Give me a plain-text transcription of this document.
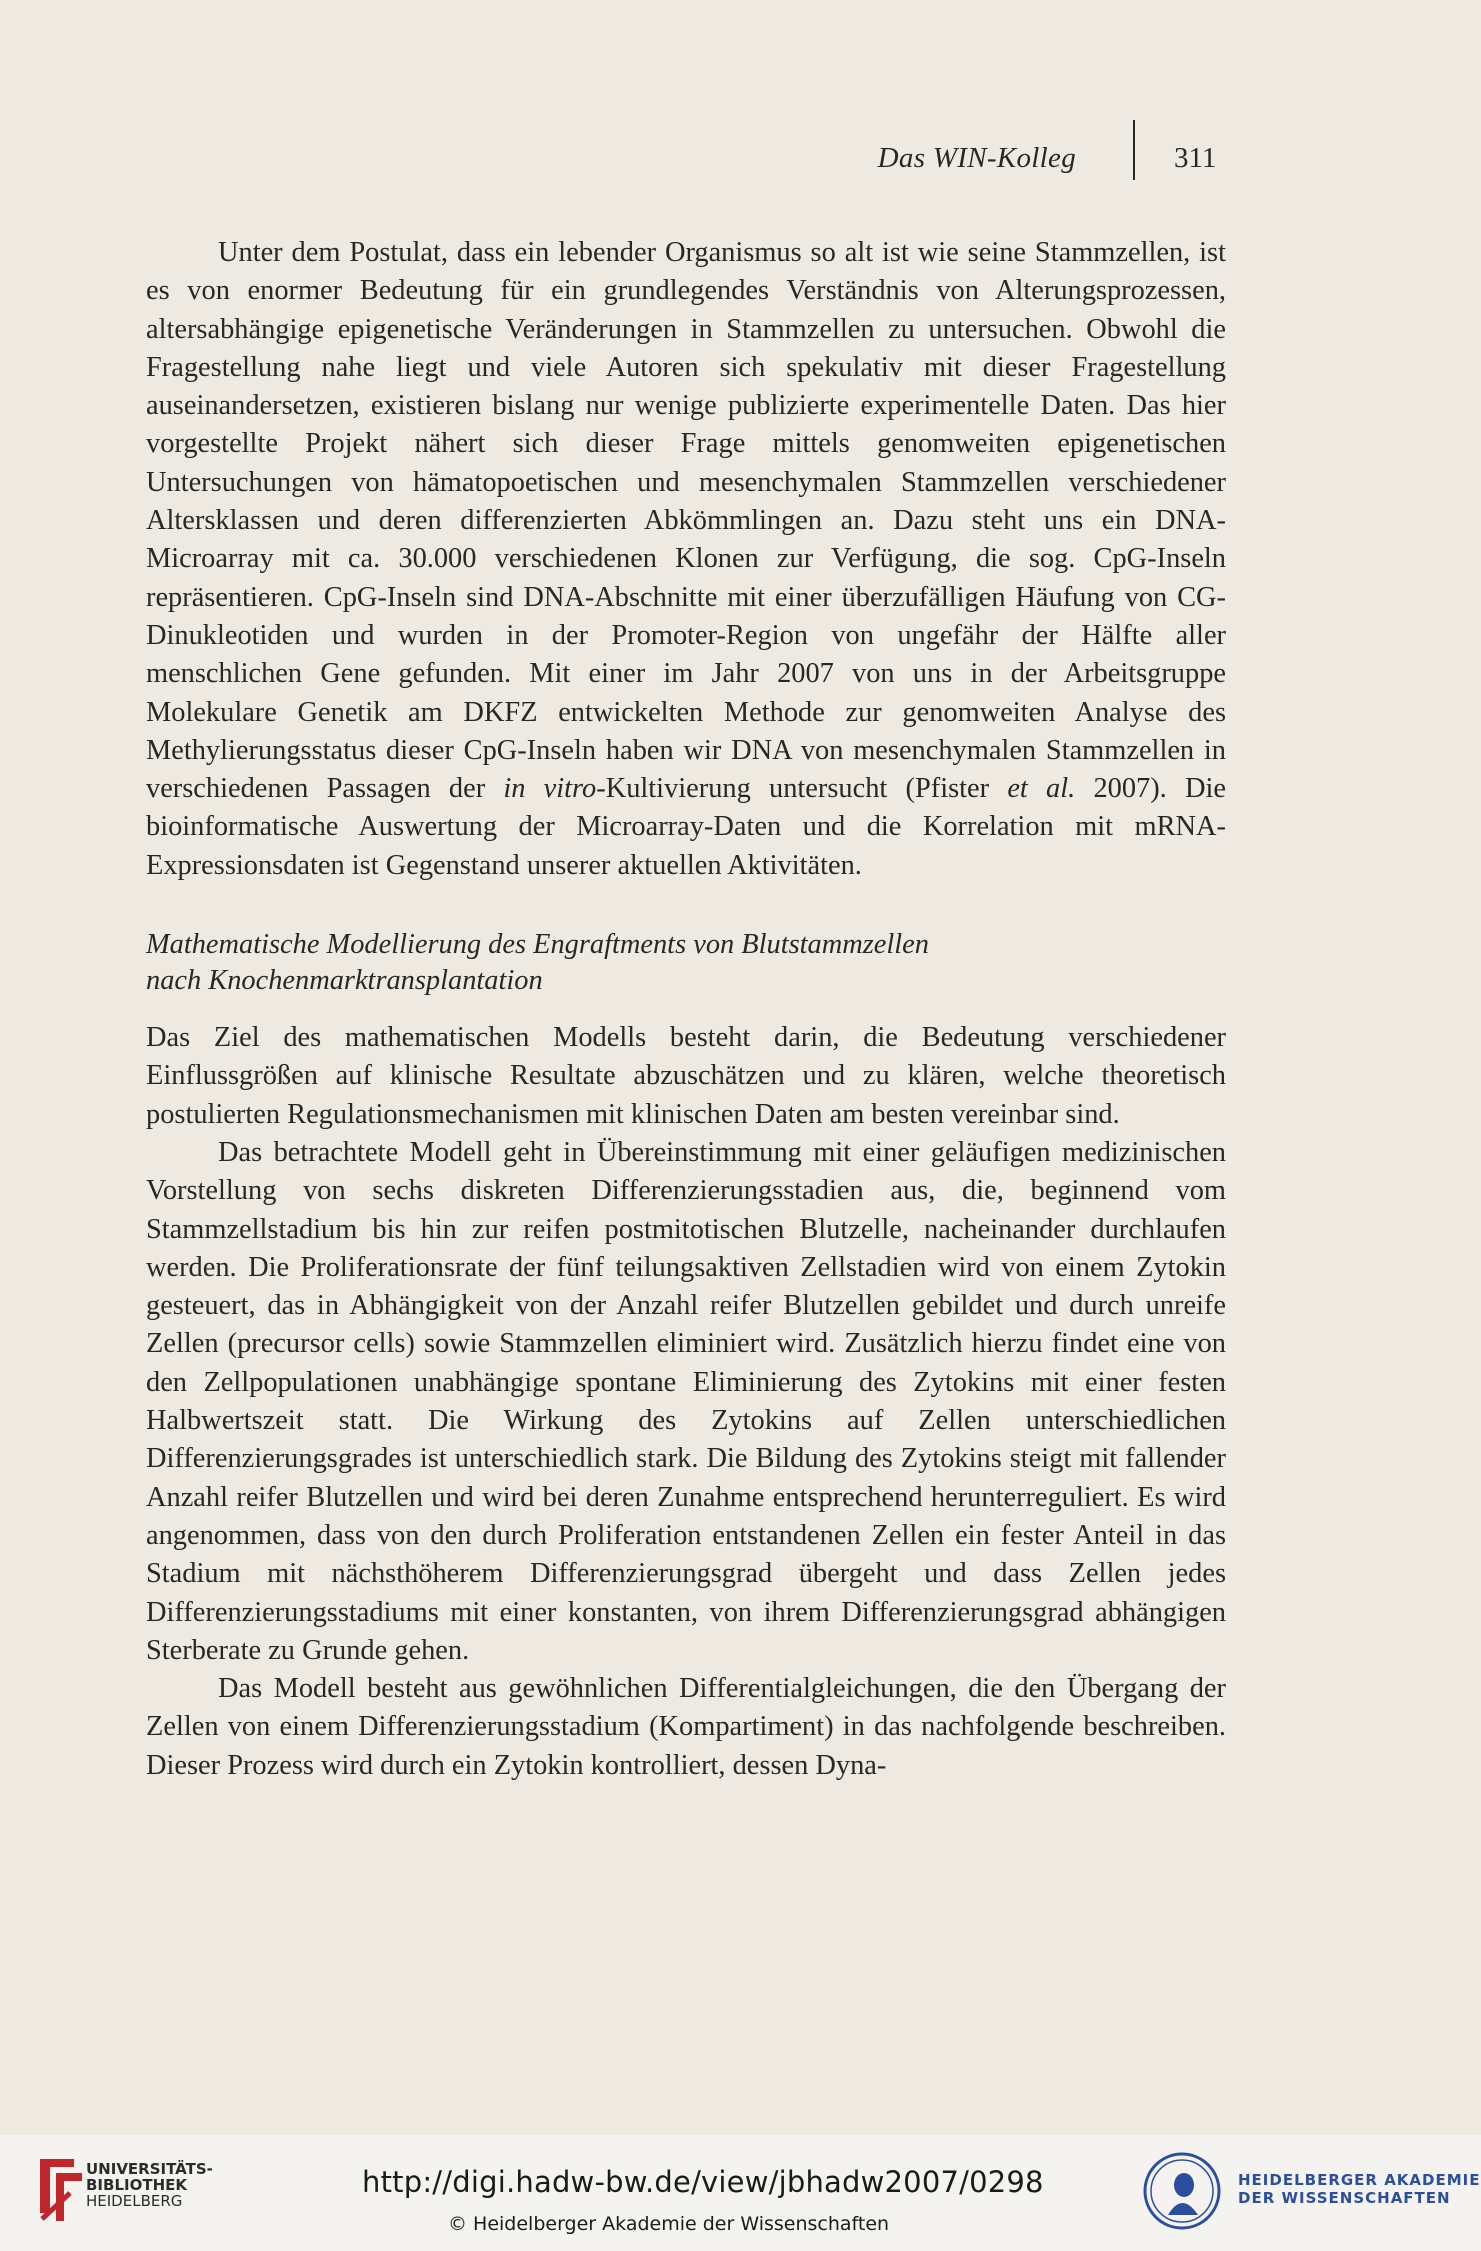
Das WIN-Kolleg	311

Unter dem Postulat, dass ein lebender Organismus so alt ist wie seine Stammzellen, ist es von enormer Bedeutung für ein grundlegendes Verständnis von Alterungsprozessen, altersabhängige epigenetische Veränderungen in Stammzellen zu untersuchen. Obwohl die Fragestellung nahe liegt und viele Autoren sich spekulativ mit dieser Fragestellung auseinandersetzen, existieren bislang nur wenige publizierte experimentelle Daten. Das hier vorgestellte Projekt nähert sich dieser Frage mittels genomweiten epigenetischen Untersuchungen von hämatopoetischen und mesenchymalen Stammzellen verschiedener Altersklassen und deren differenzierten Abkömmlingen an. Dazu steht uns ein DNA-Microarray mit ca. 30.000 verschiedenen Klonen zur Verfügung, die sog. CpG-Inseln repräsentieren. CpG-Inseln sind DNA-Abschnitte mit einer überzufälligen Häufung von CG-Dinukleotiden und wurden in der Promoter-Region von ungefähr der Hälfte aller menschlichen Gene gefunden. Mit einer im Jahr 2007 von uns in der Arbeitsgruppe Molekulare Genetik am DKFZ entwickelten Methode zur genomweiten Analyse des Methylierungsstatus dieser CpG-Inseln haben wir DNA von mesenchymalen Stammzellen in verschiedenen Passagen der in vitro-Kultivierung untersucht (Pfister et al. 2007). Die bioinformatische Auswertung der Microarray-Daten und die Korrelation mit mRNA-Expressionsdaten ist Gegenstand unserer aktuellen Aktivitäten.

Mathematische Modellierung des Engraftments von Blutstammzellen
nach Knochenmarktransplantation

Das Ziel des mathematischen Modells besteht darin, die Bedeutung verschiedener Einflussgrößen auf klinische Resultate abzuschätzen und zu klären, welche theoretisch postulierten Regulationsmechanismen mit klinischen Daten am besten vereinbar sind.

Das betrachtete Modell geht in Übereinstimmung mit einer geläufigen medizinischen Vorstellung von sechs diskreten Differenzierungsstadien aus, die, beginnend vom Stammzellstadium bis hin zur reifen postmitotischen Blutzelle, nacheinander durchlaufen werden. Die Proliferationsrate der fünf teilungsaktiven Zellstadien wird von einem Zytokin gesteuert, das in Abhängigkeit von der Anzahl reifer Blutzellen gebildet und durch unreife Zellen (precursor cells) sowie Stammzellen eliminiert wird. Zusätzlich hierzu findet eine von den Zellpopulationen unabhängige spontane Eliminierung des Zytokins mit einer festen Halbwertszeit statt. Die Wirkung des Zytokins auf Zellen unterschiedlichen Differenzierungsgrades ist unterschiedlich stark. Die Bildung des Zytokins steigt mit fallender Anzahl reifer Blutzellen und wird bei deren Zunahme entsprechend herunterreguliert. Es wird angenommen, dass von den durch Proliferation entstandenen Zellen ein fester Anteil in das Stadium mit nächsthöherem Differenzierungsgrad übergeht und dass Zellen jedes Differenzierungsstadiums mit einer konstanten, von ihrem Differenzierungsgrad abhängigen Sterberate zu Grunde gehen.

Das Modell besteht aus gewöhnlichen Differentialgleichungen, die den Übergang der Zellen von einem Differenzierungsstadium (Kompartiment) in das nachfolgende beschreiben. Dieser Prozess wird durch ein Zytokin kontrolliert, dessen Dyna-

UNIVERSITÄTS-
BIBLIOTHEK
HEIDELBERG
http://digi.hadw-bw.de/view/jbhadw2007/0298
© Heidelberger Akademie der Wissenschaften
HEIDELBERGER AKADEMIE
DER WISSENSCHAFTEN
